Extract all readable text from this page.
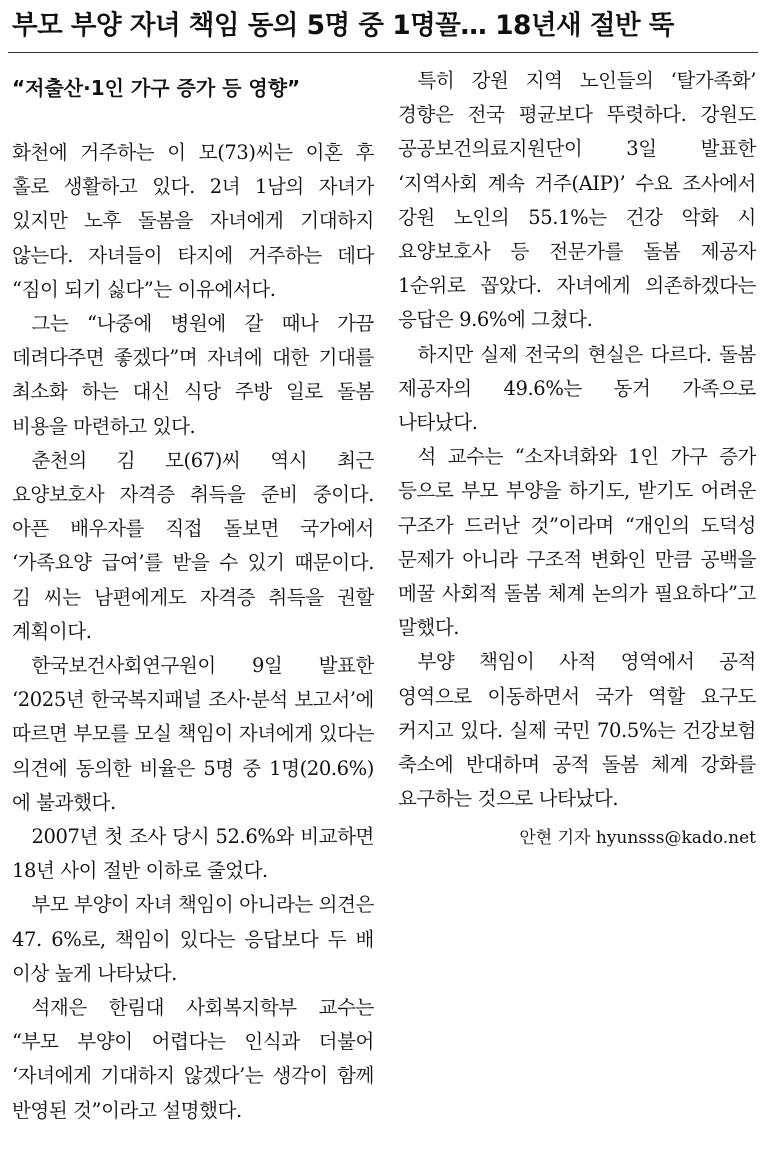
부모 부양 자녀 책임 동의 5명 중 1명꼴… 18년새 절반 뚝
“저출산·1인 가구 증가 등 영향”

화천에 거주하는 이 모(73)씨는 이혼 후 홀로 생활하고 있다. 2녀 1남의 자녀가 있지만 노후 돌봄을 자녀에게 기대하지 않는다. 자녀들이 타지에 거주하는 데다 “짐이 되기 싫다”는 이유에서다.

그는 “나중에 병원에 갈 때나 가끔 데려다주면 좋겠다”며 자녀에 대한 기대를 최소화 하는 대신 식당 주방 일로 돌봄 비용을 마련하고 있다.

춘천의 김 모(67)씨 역시 최근 요양보호사 자격증 취득을 준비 중이다. 아픈 배우자를 직접 돌보면 국가에서 ‘가족요양 급여’를 받을 수 있기 때문이다. 김 씨는 남편에게도 자격증 취득을 권할 계획이다.

한국보건사회연구원이 9일 발표한 ‘2025년 한국복지패널 조사·분석 보고서’에 따르면 부모를 모실 책임이 자녀에게 있다는 의견에 동의한 비율은 5명 중 1명(20.6%)에 불과했다.

2007년 첫 조사 당시 52.6%와 비교하면 18년 사이 절반 이하로 줄었다.

부모 부양이 자녀 책임이 아니라는 의견은 47. 6%로, 책임이 있다는 응답보다 두 배 이상 높게 나타났다.

석재은 한림대 사회복지학부 교수는 “부모 부양이 어렵다는 인식과 더불어 ‘자녀에게 기대하지 않겠다’는 생각이 함께 반영된 것”이라고 설명했다.

특히 강원 지역 노인들의 ‘탈가족화’ 경향은 전국 평균보다 뚜렷하다. 강원도 공공보건의료지원단이 3일 발표한 ‘지역사회 계속 거주(AIP)’ 수요 조사에서 강원 노인의 55.1%는 건강 악화 시 요양보호사 등 전문가를 돌봄 제공자 1순위로 꼽았다. 자녀에게 의존하겠다는 응답은 9.6%에 그쳤다.

하지만 실제 전국의 현실은 다르다. 돌봄 제공자의 49.6%는 동거 가족으로 나타났다.

석 교수는 “소자녀화와 1인 가구 증가 등으로 부모 부양을 하기도, 받기도 어려운 구조가 드러난 것”이라며 “개인의 도덕성 문제가 아니라 구조적 변화인 만큼 공백을 메꿀 사회적 돌봄 체계 논의가 필요하다”고 말했다.

부양 책임이 사적 영역에서 공적 영역으로 이동하면서 국가 역할 요구도 커지고 있다. 실제 국민 70.5%는 건강보험 축소에 반대하며 공적 돌봄 체계 강화를 요구하는 것으로 나타났다.

안현 기자 hyunsss@kado.net
